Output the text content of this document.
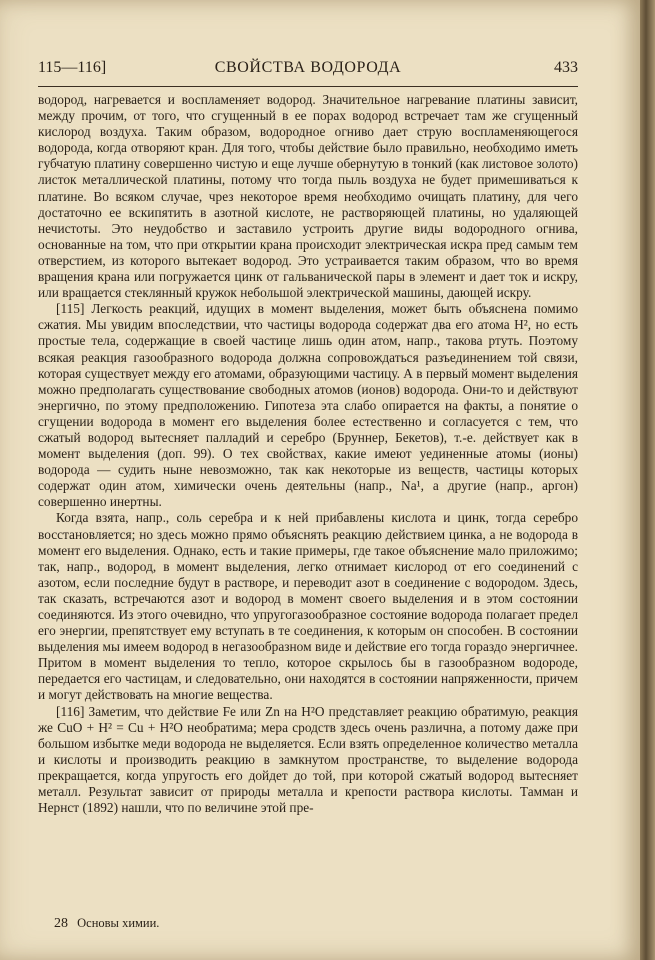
115—116]	СВОЙСТВА ВОДОРОДА	433

водород, нагревается и воспламеняет водород. Значительное нагревание платины зависит, между прочим, от того, что сгущенный в ее порах водород встречает там же сгущенный кислород воздуха. Таким образом, водородное огниво дает струю воспламеняющегося водорода, когда отворяют кран. Для того, чтобы действие было правильно, необходимо иметь губчатую платину совершенно чистую и еще лучше обернутую в тонкий (как листовое золото) листок металлической платины, потому что тогда пыль воздуха не будет примешиваться к платине. Во всяком случае, чрез некоторое время необходимо очищать платину, для чего достаточно ее вскипятить в азотной кислоте, не растворяющей платины, но удаляющей нечистоты. Это неудобство и заставило устроить другие виды водородного огнива, основанные на том, что при открытии крана происходит электрическая искра пред самым тем отверстием, из которого вытекает водород. Это устраивается таким образом, что во время вращения крана или погружается цинк от гальванической пары в элемент и дает ток и искру, или вращается стеклянный кружок небольшой электрической машины, дающей искру.

[115] Легкость реакций, идущих в момент выделения, может быть объяснена помимо сжатия. Мы увидим впоследствии, что частицы водорода содержат два его атома H², но есть простые тела, содержащие в своей частице лишь один атом, напр., такова ртуть. Поэтому всякая реакция газообразного водорода должна сопровождаться разъединением той связи, которая существует между его атомами, образующими частицу. А в первый момент выделения можно предполагать существование свободных атомов (ионов) водорода. Они-то и действуют энергично, по этому предположению. Гипотеза эта слабо опирается на факты, а понятие о сгущении водорода в момент его выделения более естественно и согласуется с тем, что сжатый водород вытесняет палладий и серебро (Бруннер, Бекетов), т.-е. действует как в момент выделения (доп. 99). О тех свойствах, какие имеют уединенные атомы (ионы) водорода — судить ныне невозможно, так как некоторые из веществ, частицы которых содержат один атом, химически очень деятельны (напр., Na¹, а другие (напр., аргон) совершенно инертны.

Когда взята, напр., соль серебра и к ней прибавлены кислота и цинк, тогда серебро восстановляется; но здесь можно прямо объяснять реакцию действием цинка, а не водорода в момент его выделения. Однако, есть и такие примеры, где такое объяснение мало приложимо; так, напр., водород, в момент выделения, легко отнимает кислород от его соединений с азотом, если последние будут в растворе, и переводит азот в соединение с водородом. Здесь, так сказать, встречаются азот и водород в момент своего выделения и в этом состоянии соединяются. Из этого очевидно, что упругогазообразное состояние водорода полагает предел его энергии, препятствует ему вступать в те соединения, к которым он способен. В состоянии выделения мы имеем водород в негазообразном виде и действие его тогда гораздо энергичнее. Притом в момент выделения то тепло, которое скрылось бы в газообразном водороде, передается его частицам, и следовательно, они находятся в состоянии напряженности, причем и могут действовать на многие вещества.

[116] Заметим, что действие Fe или Zn на H²O представляет реакцию обратимую, реакция же CuO + H² = Cu + H²O необратима; мера сродств здесь очень различна, а потому даже при большом избытке меди водорода не выделяется. Если взять определенное количество металла и кислоты и производить реакцию в замкнутом пространстве, то выделение водорода прекращается, когда упругость его дойдет до той, при которой сжатый водород вытесняет металл. Результат зависит от природы металла и крепости раствора кислоты. Тамман и Нернст (1892) нашли, что по величине этой пре-

28 Основы химии.
